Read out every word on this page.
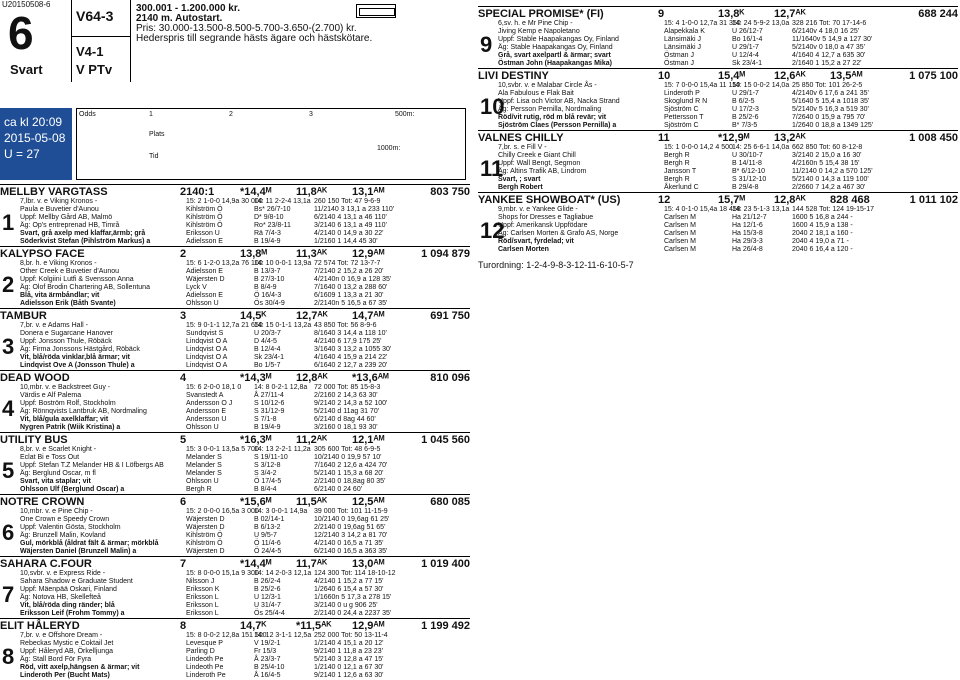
U20150508-6
6
Svart
V64-3
V4-1
V PTv
300.001 - 1.200.000 kr.
2140 m. Autostart.
Pris: 30.000-13.500-8.500-5.700-3.650-(2.700) kr.
Hederspris till segrande hästs ägare och hästskötare.
ca kl 20:09
2015-05-08
U = 27
Odds	1	2	3
Plats
Tid
500m:
1000m:
MELLBY VARGTASS	2140:1	*14,4ᴹ	11,8ᴬᴷ	13,1ᴬᴹ	803 750
1
7,lbr. v. e Viking Kronos -	15: 2 1-0-0 14,9a 30 000
14: 11 2-2-4 13,1a 260 150 Tot: 47 9-6-9
Paula e Buvetier d'Aunou	Kihlström Ö	Bs* 26/7-10	11/2140 3 13,1 a 233 110'
Uppf: Mellby Gård AB, Malmö	Kihlström Ö	D* 9/8-10	6/2140 4 13,1 a 46 110'
Äg: Op's entreprenad HB, Timrå	Kihlström Ö	Ro* 23/8-11	3/2140 6 13,1 a 49 110'
Svart, grå axelp med klaffar,ärmb; grå	Eriksson U	Rä 7/4-3	4/2140 0 14,9 a 30 22'
Söderkvist Stefan (Pihlström Markus) a	Adielsson E	B 19/4-9	1/2160 1 14,4 45 30'
KALYPSO FACE	2	13,8ᴹ	11,3ᴬᴷ	12,9ᴬᴹ	1 094 879
2
8,br. h. e Viking Kronos -	15: 6 1-2-0 13,2a 76 100
14: 10 0-0-1 13,9a 72 574 Tot: 72 13-7-7
Other Creek e Buvetier d'Aunou	Adielsson E	B 13/3-7	7/2140 2 15,2 a 26 20'
Uppf: Kolgiini Lutfi & Svensson Anna	Wäjersten D	B 27/3-10	4/2140n 0 16,9 a 128 35'
Äg: Olof Brodin Chartering AB, Sollentuna	Lyck V	B 8/4-9	7/1640 0 13,2 a 288 60'
Blå, vita ärmbåndlar; vit	Adielsson E	Ö 16/4-3	6/1609 1 13,3 a 21 30'
Adielsson Erik (Båth Svante)	Ohlsson U	Ös 30/4-9	2/2140n 5 16,5 a 67 35'
TAMBUR	3	14,5ᴷ	12,7ᴬᴷ	14,7ᴬᴹ	691 750
3
7,br. v. e Adams Hall -	15: 9 0-1-1 12,7a 21 650
14: 15 0-1-1 13,2a 43 850 Tot: 56 8-9-6
Donera e Sugarcane Hanover	Sundqvist S	U 20/3-7	8/1640 3 14,4 a 118 10'
Uppf: Jonsson Thule, Röbäck	Lindqvist O A	D 4/4-5	4/2140 6 17,9 175 25'
Äg: Firma Jonssons Hästgård, Röbäck	Lindqvist O A	B 12/4-4	3/1640 3 13,2 a 1055 30'
Vit, blå/röda vinklar,blå ärmar; vit	Lindqvist O A	Sk 23/4-1	4/1640 4 15,9 a 214 22'
Lindqvist Ove A (Jonsson Thule) a	Lindqvist O A	Bo 1/5-7	6/1640 2 12,7 a 239 20'
DEAD WOOD	4	*14,3ᴹ	12,8ᴬᴷ	*13,6ᴬᴹ	810 096
4
10,mbr. v. e Backstreet Guy -	15: 6 2-0-0 18,1 0	14: 8 0-2-1 12,8a 72 000 Tot: 85 15-8-3
Värdis e Alf Palema	Svanstedt A	Å 27/11-4	2/2160 2 14,3 63 30'
Uppf: Boström Rolf, Stockholm	Andersson O J	S 10/12-6	9/2140 2 14,3 a 52 100'
Äg: Rönnqvists Lantbruk AB, Nordmaling	Andersson E	S 31/12-9	5/2140 d 11ag 31 70'
Vit, blå/gula axelklaffar; vit	Andersson U	S 7/1-8	6/2140 d 8ag 44 60'
Nygren Patrik (Wiik Kristina) a	Ohlsson U	B 19/4-9	3/2160 0 18,1 93 30'
UTILITY BUS	5	*16,3ᴹ	11,2ᴬᴷ	12,1ᴬᴹ	1 045 560
5
8,br. v. e Scarlet Knight -	15: 3 0-0-1 13,5a 5 700
14: 13 2-2-1 11,2a 305 600 Tot: 48 6-9-5
Eclat Bi e Toss Out	Melander S	S 19/11-10	10/2140 0 19,9 57 10'
Uppf: Stefan T.Z Melander HB & I Löfbergs AB	Melander S	S 3/12-8	7/1640 2 12,6 a 424 70'
Äg: Berglund Oscar, m fl	Melander S	S 3/4-2	5/2140 1 15,3 a 68 20'
Svart, vita staplar; vit	Ohlsson U	Ö 17/4-5	2/2140 0 18,8ag 80 35'
Ohlsson Ulf (Berglund Oscar) a	Bergh R	B 8/4-4	6/2140 0 24 60'
NOTRE CROWN	6	*15,6ᴹ	11,5ᴬᴷ	12,5ᴬᴹ	680 085
6
10,mbr. v. e Pine Chip -	15: 2 0-0-0 16,5a 3 000
14: 3 0-0-1 14,9a 39 000 Tot: 101 11-15-9
One Crown e Speedy Crown	Wäjersten D	B 02/14-1	10/2140 0 19,6ag 61 25'
Uppf: Valentin Gösta, Stockholm	Wäjersten D	B 6/13-2	2/2140 0 19,6ag 51 65'
Äg: Brunzell Malin, Kovland	Kihlström Ö	U 9/5-7	12/2140 3 14,2 a 81 70'
Gul, mörkblå (åldrat fält & ärmar; mörkblå	Kihlström Ö	Ö 11/4-6	4/2140 0 16,5 a 71 35'
Wäjersten Daniel (Brunzell Malin) a	Wäjersten D	Ö 24/4-5	6/2140 0 16,5 a 363 35'
SAHARA C.FOUR	7	*14,4ᴹ	11,7ᴬᴷ	13,0ᴬᴹ	1 019 400
7
10,svbr. v. e Express Ride -	15: 8 0-0-0 15,1a 9 300
14: 14 2-0-3 12,1a 124 300 Tot: 114 18-10-12
Sahara Shadow e Graduate Student	Nilsson J	B 26/2-4	4/2140 1 15,2 a 77 15'
Uppf: Mäenpää Oskari, Finland	Eriksson K	B 25/2-6	1/2640 6 15,4 a 57 30'
Äg: Notova HB, Skellefteå	Eriksson L	U 12/3-1	1/1660n 5 17,3 a 278 15'
Vit, blå/röda ding ränder; blå	Eriksson L	U 31/4-7	3/2140 0 u g 906 25'
Eriksson Leif (Frohm Tommy) a	Eriksson L	Ös 25/4-4	2/2140 0 24,4 a 2237 35'
ELIT HÅLERYD	8	14,7ᴷ	*11,5ᴬᴷ	12,9ᴬᴹ	1 199 492
8
7,br. v. e Offshore Dream -	15: 8 0-0-2 12,8a 151 500
14: 12 3-1-1 12,5a 252 000 Tot: 50 13-11-4
Rebeckas Mystic e Coktail Jet	Levesque P	V 19/2-1	1/2140 4 15,1 a 20 12'
Uppf: Håleryd AB, Örkelljunga	Parling D	Fr 15/3	9/2140 1 11,8 a 23 23'
Äg: Stall Bord För Fyra	Lindeoth Pe	Å 23/3-7	5/2140 3 12,8 a 47 15'
Röd, vitt axelp,hängsen & ärmar; vit	Lindeoth Pe	B 25/4-10	1/2140 0 12,1 a 67 30'
Linderoth Per (Bucht Mats)	Linderoth Pe	Å 16/4-5	9/2140 1 12,6 a 63 30'
SPECIAL PROMISE* (FI)	9	13,8ᴷ	12,7ᴬᴷ	688 244
9
6,sv. h. e Mr Pine Chip -	15: 4 1-0-0 12,7a 31 350
14: 24 5-9-2 13,0a 328 216 Tot: 70 17-14-6
Jiving Kemp e Napoletano	Alapekkala K	U 26/12-7	6/2140v 4 18,0 16 25'
Uppf: Stable Haapakangas Oy, Finland	Länsimäki J	Bo 16/1-4	11/1640v 5 14,9 a 127 30'
Äg: Stable Haapakangas Oy, Finland	Länsimäki J	U 29/1-7	5/2140v 0 18,0 a 47 35'
Grå, svart axelpartl & ärmar; svart	Östman J	U 12/4-4	4/1640 4 12,7 a 635 30'
Östman John (Haapakangas Mika)	Östman J	Sk 23/4-1	2/1640 1 15,2 a 27 22'
LIVI DESTINY	10	15,4ᴹ	12,6ᴬᴷ	13,5ᴬᴹ	1 075 100
10
10,svbr. v. e Malabar Circle Ås -	15: 7 0-0-0 15,4a 11 150
14: 15 0-0-2 14,0a 25 850 Tot: 101 26-2-5
Ala Fabulous e Flak Bait	Linderoth P	U 29/1-7	4/2140v 6 17,6 a 241 35'
Uppf: Lisa och Victor AB, Nacka Strand	Skoglund R N	B 6/2-5	5/1640 5 15,4 a 1018 35'
Äg: Persson Pernilla, Nordmaling	Sjöström C	U 17/2-3	5/2140v 5 16,3 a 519 30'
Röd/vit rutig, röd m blå revär; vit	Pettersson T	B 25/2-6	7/2640 0 15,9 a 795 70'
Sjöström Claes (Persson Pernilla) a	Sjöström C	B* 7/3-5	1/2640 0 18,8 a 1349 125'
VALNES CHILLY	11	*12,9ᴹ	13,2ᴬᴷ	1 008 450
11
7,br. s. e Fill V -	15: 1 0-0-0 14,2 4 500 14: 25 6-6-1 14,0a 662 850 Tot: 60 8-12-8
Chilly Creek e Giant Chill	Bergh R	U 30/10-7	3/2140 2 15,0 a 16 30'
Uppf: Wall Bengt, Segmon	Bergh R	B 14/11-8	4/2160n 5 15,4 38 15'
Äg: Altins Trafik AB, Lindrom	Jansson T	B* 6/12-10	11/2140 0 14,2 a 570 125'
Svart, ; svart	Bergh R	S 31/12-10	5/2140 0 14,3 a 119 100'
Bergh Robert	Åkerlund C	B 29/4-8	2/2660 7 14,2 a 467 30'
YANKEE SHOWBOAT* (US)	12	15,7ᴹ	12,8ᴬᴷ	828 468	1 011 102
12
9,mbr. v. e Yankee Glide -	15: 4 0-1-0 15,4a 18 458
14: 23 5-1-3 13,1a 144 528 Tot: 124 19-15-17
Shops for Dresses e Tagliabue	Carlsen M	Ha 21/12-7	1600 5 16,8 a 244 -
Uppf: Amerikansk Uppfödare	Carlsen M	Ha 12/1-6	1600 4 15,9 a 138 -
Äg: Carlsen Morten & Grafo AS, Norge	Carlsen M	Ha 15/3-8	2040 2 18,1 a 160 -
Röd/svart, fyrdelad; vit	Carlsen M	Ha 29/3-3	2040 4 19,0 a 71 -
Carlsen Morten	Carlsen M	Ha 26/4-8	2040 6 16,4 a 120 -
Turordning: 1-2-4-9-8-3-12-11-6-10-5-7
